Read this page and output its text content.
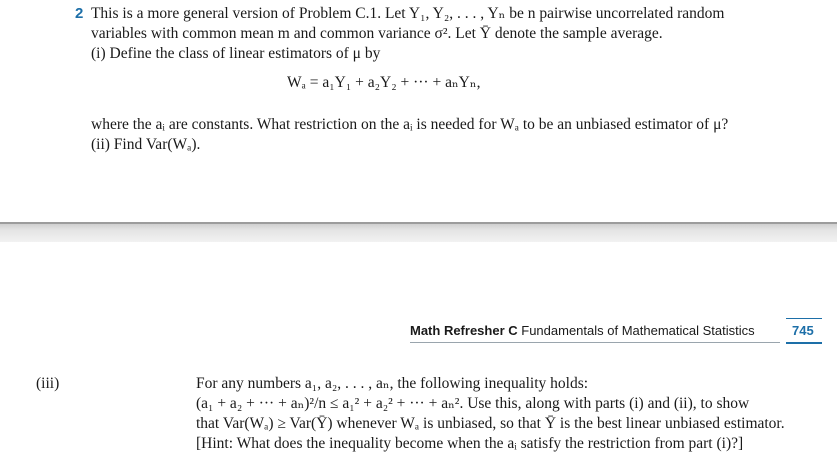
2 This is a more general version of Problem C.1. Let Y₁, Y₂, . . . , Yₙ be n pairwise uncorrelated random
variables with common mean m and common variance σ². Let Ȳ denote the sample average.
(i) Define the class of linear estimators of μ by
Wₐ = a₁Y₁ + a₂Y₂ + ··· + aₙYₙ,
where the aᵢ are constants. What restriction on the aᵢ is needed for Wₐ to be an unbiased estimator of μ?
(ii) Find Var(Wₐ).
Math Refresher C Fundamentals of Mathematical Statistics	745
(iii)	For any numbers a₁, a₂, . . . , aₙ, the following inequality holds:
(a₁ + a₂ + ··· + aₙ)²/n ≤ a₁² + a₂² + ··· + aₙ². Use this, along with parts (i) and (ii), to show
that Var(Wₐ) ≥ Var(Ȳ) whenever Wₐ is unbiased, so that Ȳ is the best linear unbiased estimator.
[Hint: What does the inequality become when the aᵢ satisfy the restriction from part (i)?]
